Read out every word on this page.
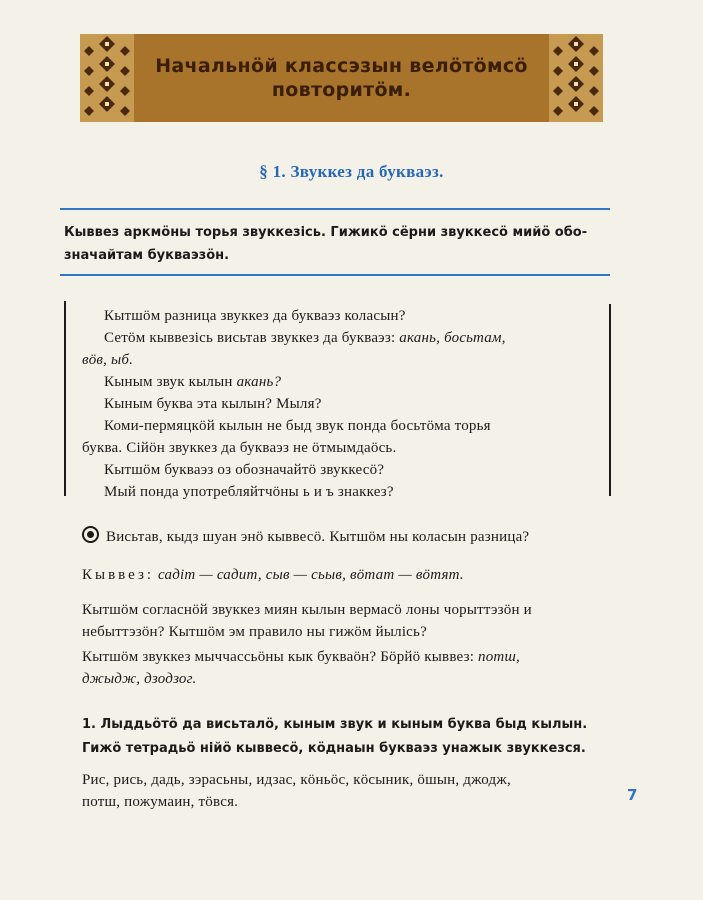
Начальнӧй классэзын велӧтӧмсӧ
повторитӧм.
§ 1. Звуккез да букваэз.
Кыввез аркмӧны торья звуккезісь. Гижикӧ сёрни звуккесӧ мийӧ обо-
значайтам букваэзӧн.
Кытшӧм разница звуккез да букваэз коласын?
Сетӧм кыввезісь висьтав звуккез да букваэз: акань, босьтам,
вӧв, ыб.
Кыным звук кылын акань?
Кыным буква эта кылын? Мыля?
Коми-пермяцкӧй кылын не быд звук понда босьтӧма торья
буква. Сійӧн звуккез да букваэз не ӧтмымдаӧсь.
Кытшӧм букваэз оз обозначайтӧ звуккесӧ?
Мый понда употребляйтчӧны ь и ъ знаккез?
Висьтав, кыдз шуан энӧ кыввесӧ. Кытшӧм ны коласын разница?
Кыввез: садіт — садит, сыв — сьыв, вӧтат — вӧтят.
Кытшӧм согласнӧй звуккез миян кылын вермасӧ лоны чорыттэзӧн и
небыттэзӧн? Кытшӧм эм правило ны гижӧм йылісь?
Кытшӧм звуккез мыччассьӧны кык букваӧн? Бӧрйӧ кыввез: потш,
джыдж, дзодзог.
1. Лыддьӧтӧ да висьталӧ, кыным звук и кыным буква быд кылын.
Гижӧ тетрадьӧ нійӧ кыввесӧ, кӧднаын букваэз унажык звуккезся.
Рис, рись, дадь, зэрасьны, идзас, кӧньӧс, кӧсыник, ӧшын, джодж,
потш, пожумаин, тӧвся.	7
